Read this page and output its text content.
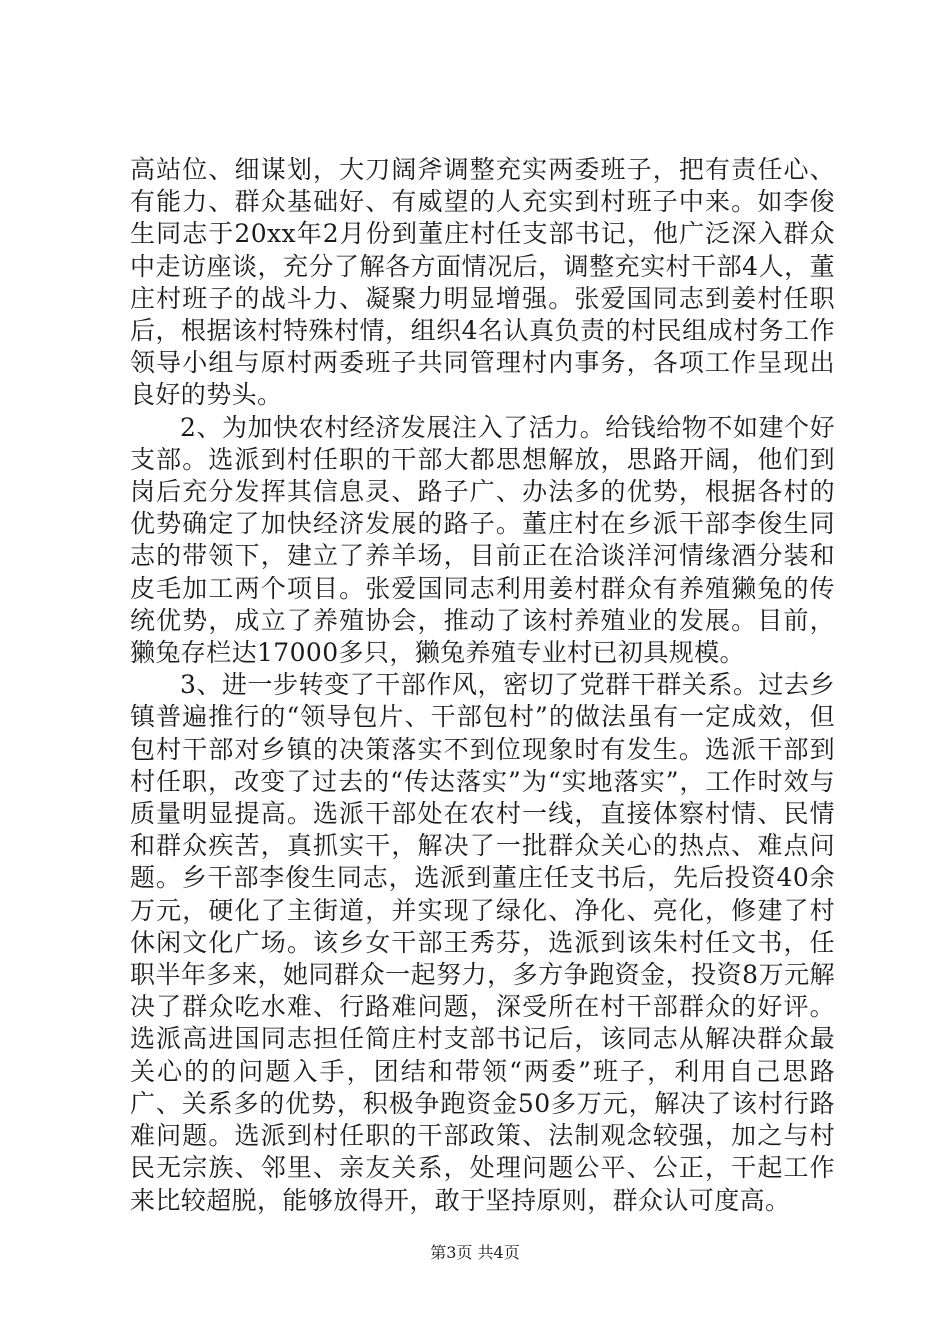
高站位、细谋划，大刀阔斧调整充实两委班子，把有责任心、有能力、群众基础好、有威望的人充实到村班子中来。如李俊生同志于20xx年2月份到董庄村任支部书记，他广泛深入群众中走访座谈，充分了解各方面情况后，调整充实村干部4人，董庄村班子的战斗力、凝聚力明显增强。张爱国同志到姜村任职后，根据该村特殊村情，组织4名认真负责的村民组成村务工作领导小组与原村两委班子共同管理村内事务，各项工作呈现出良好的势头。

2、为加快农村经济发展注入了活力。给钱给物不如建个好支部。选派到村任职的干部大都思想解放，思路开阔，他们到岗后充分发挥其信息灵、路子广、办法多的优势，根据各村的优势确定了加快经济发展的路子。董庄村在乡派干部李俊生同志的带领下，建立了养羊场，目前正在洽谈洋河情缘酒分装和皮毛加工两个项目。张爱国同志利用姜村群众有养殖獭兔的传统优势，成立了养殖协会，推动了该村养殖业的发展。目前，獭兔存栏达17000多只，獭兔养殖专业村已初具规模。

3、进一步转变了干部作风，密切了党群干群关系。过去乡镇普遍推行的“领导包片、干部包村”的做法虽有一定成效，但包村干部对乡镇的决策落实不到位现象时有发生。选派干部到村任职，改变了过去的“传达落实”为“实地落实”，工作时效与质量明显提高。选派干部处在农村一线，直接体察村情、民情和群众疾苦，真抓实干，解决了一批群众关心的热点、难点问题。乡干部李俊生同志，选派到董庄任支书后，先后投资40余万元，硬化了主街道，并实现了绿化、净化、亮化，修建了村休闲文化广场。该乡女干部王秀芬，选派到该朱村任文书，任职半年多来，她同群众一起努力，多方争跑资金，投资8万元解决了群众吃水难、行路难问题，深受所在村干部群众的好评。选派高进国同志担任简庄村支部书记后，该同志从解决群众最关心的的问题入手，团结和带领“两委”班子，利用自己思路广、关系多的优势，积极争跑资金50多万元，解决了该村行路难问题。选派到村任职的干部政策、法制观念较强，加之与村民无宗族、邻里、亲友关系，处理问题公平、公正，干起工作来比较超脱，能够放得开，敢于坚持原则，群众认可度高。

第3页 共4页
